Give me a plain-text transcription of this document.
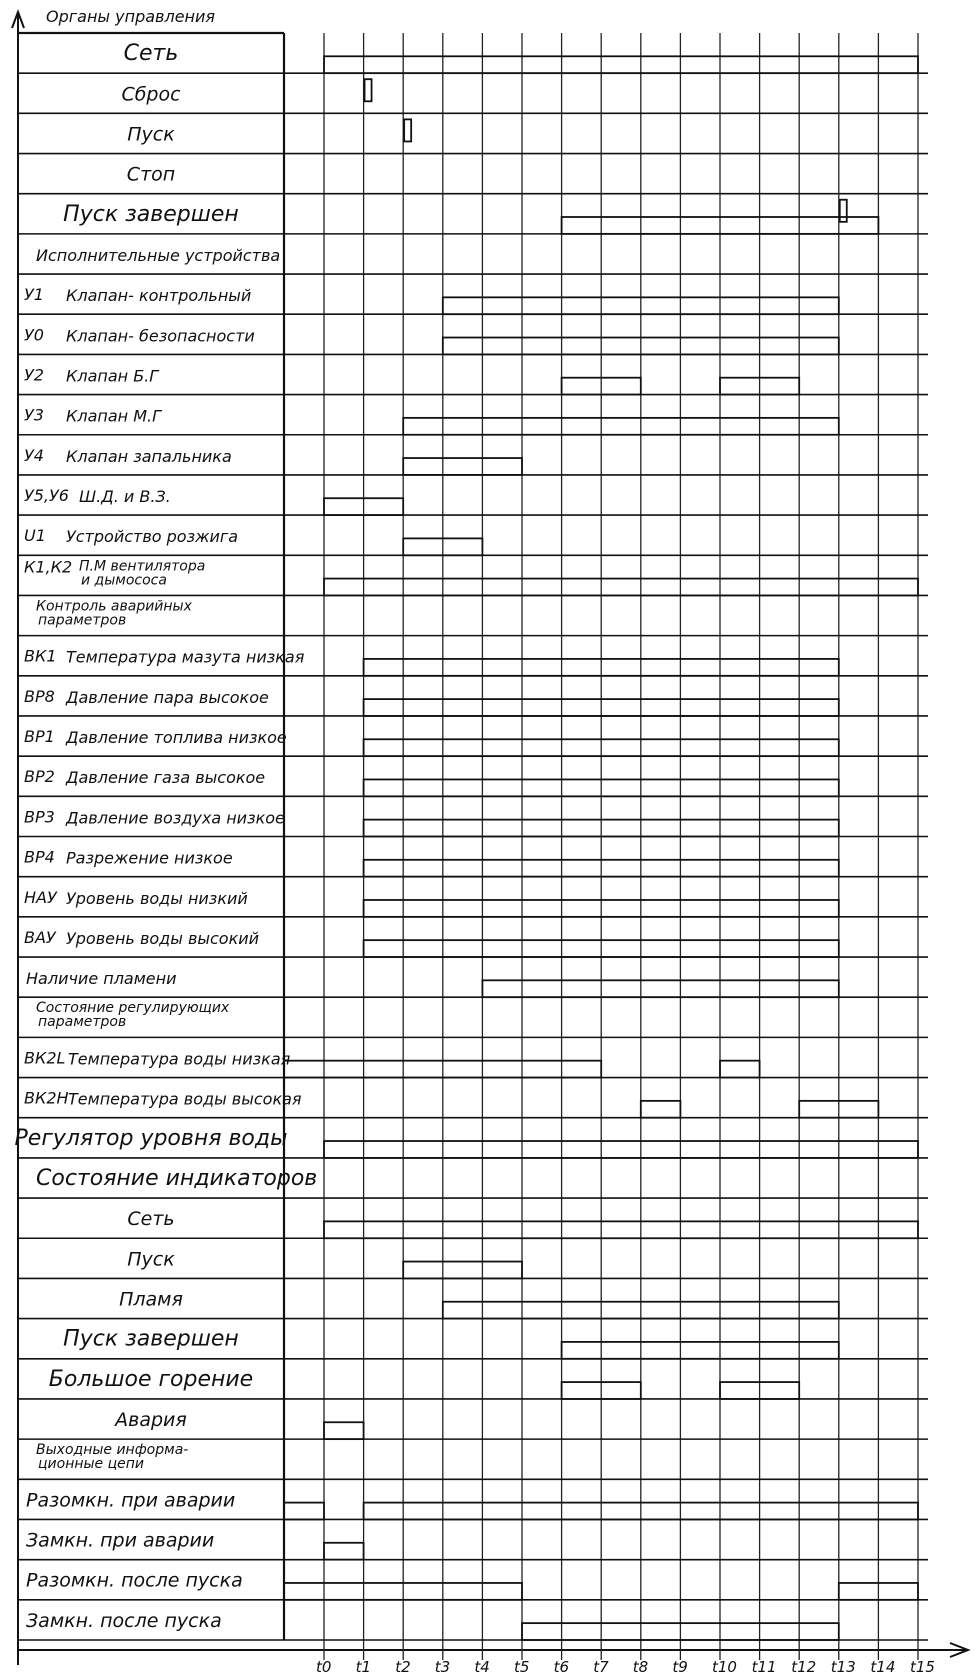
Органы управления
Сеть
Сброс
Пуск
Стоп
Пуск завершен
Исполнительные устройства
У1 Клапан- контрольный
У0 Клапан- безопасности
У2 Клапан Б.Г
У3 Клапан М.Г
У4 Клапан запальника
У5,У6 Ш.Д. и В.З.
U1 Устройство розжига
К1,К2 П.М вентилятора
и дымососа
Контроль аварийных
параметров
ВК1 Температура мазута низкая
ВР8 Давление пара высокое
ВР1 Давление топлива низкое
ВР2 Давление газа высокое
ВР3 Давление воздуха низкое
ВР4 Разрежение низкое
НАУ Уровень воды низкий
ВАУ Уровень воды высокий
Наличие пламени
Состояние регулирующих
параметров
ВК2L Температура воды низкая
ВК2Н Температура воды высокая
Регулятор уровня воды
Состояние индикаторов
Сеть
Пуск
Пламя
Пуск завершен
Большое горение
Авария
Выходные информа-
ционные цепи
Разомкн. при аварии
Замкн. при аварии
Разомкн. после пуска
Замкн. после пуска
t0 t1 t2 t3 t4 t5 t6 t7 t8 t9 t10 t11 t12 t13 t14 t15
